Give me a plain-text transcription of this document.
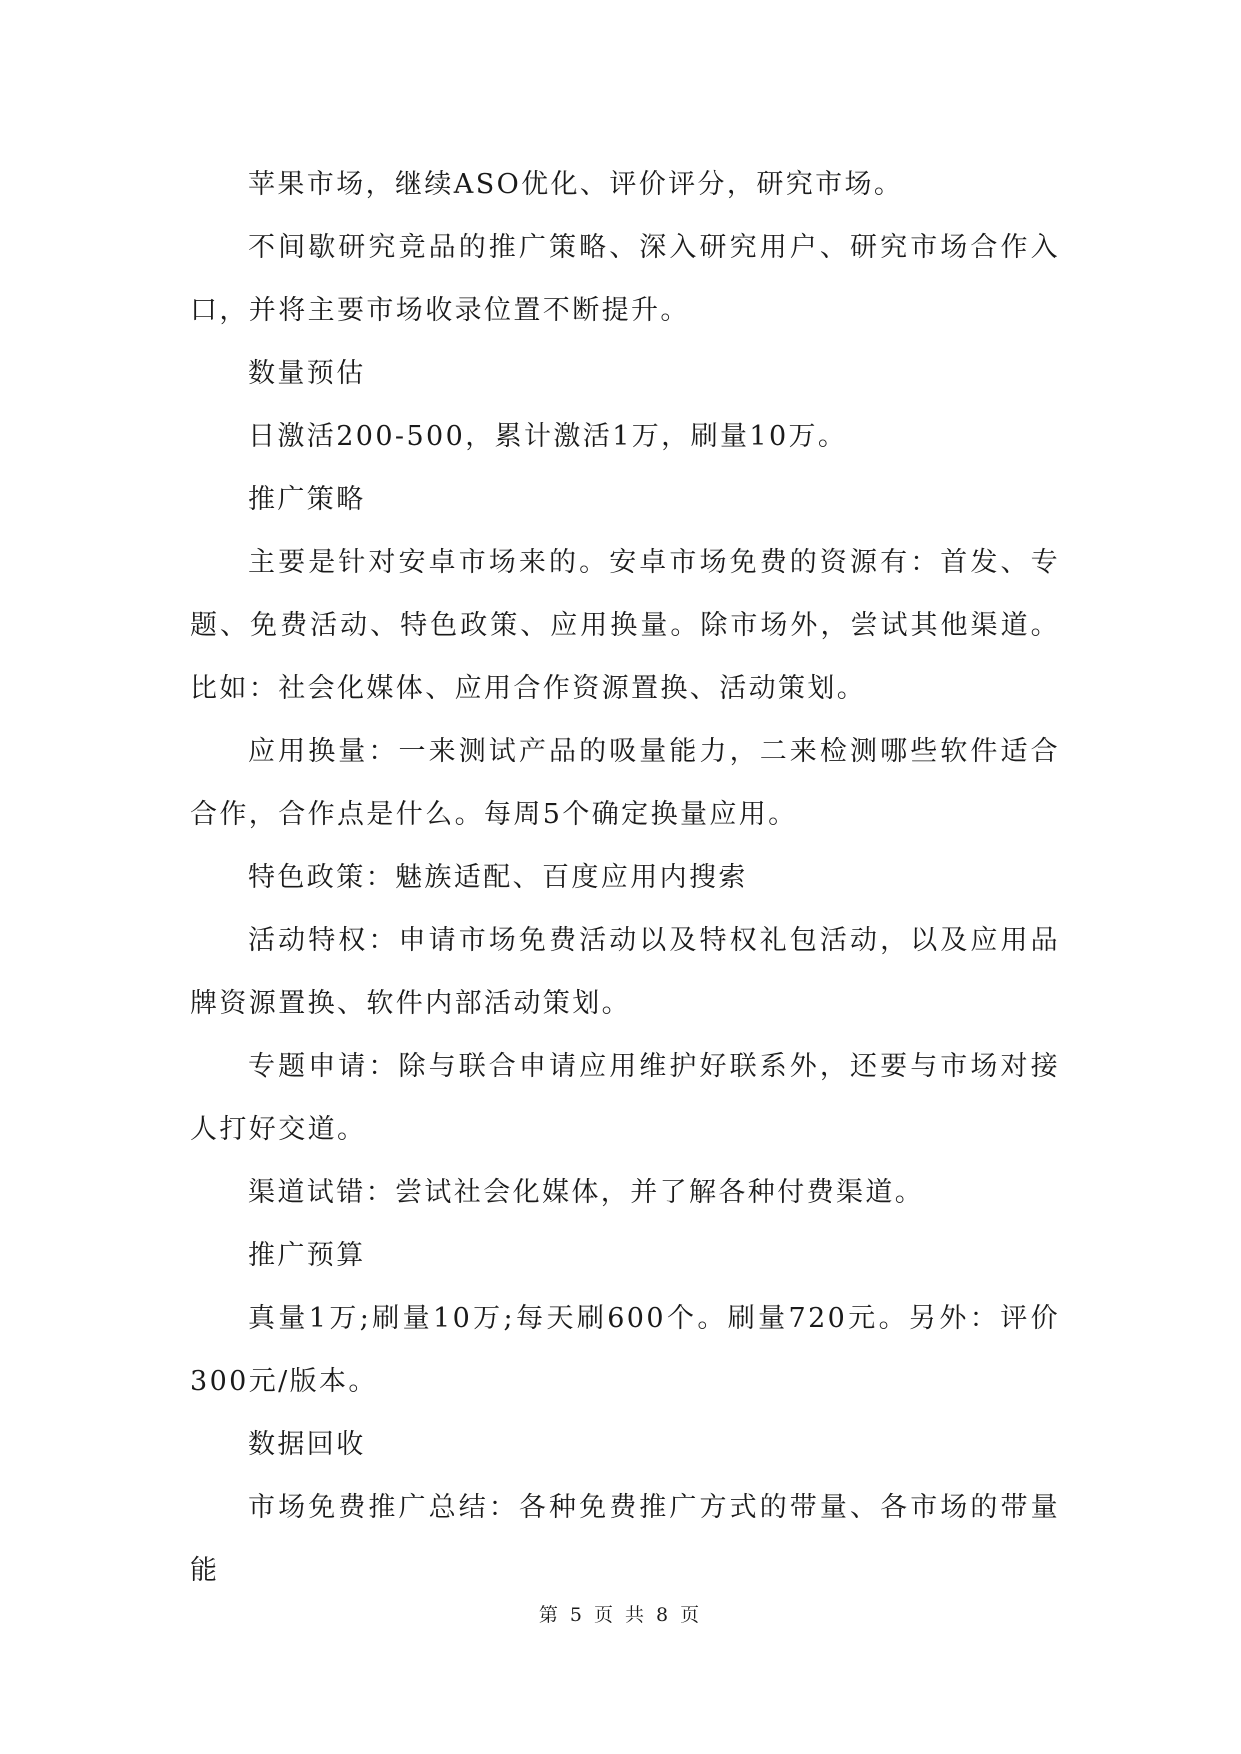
苹果市场，继续ASO优化、评价评分，研究市场。

不间歇研究竞品的推广策略、深入研究用户、研究市场合作入口，并将主要市场收录位置不断提升。

数量预估

日激活200-500，累计激活1万，刷量10万。

推广策略

主要是针对安卓市场来的。安卓市场免费的资源有：首发、专题、免费活动、特色政策、应用换量。除市场外，尝试其他渠道。比如：社会化媒体、应用合作资源置换、活动策划。

应用换量：一来测试产品的吸量能力，二来检测哪些软件适合合作，合作点是什么。每周5个确定换量应用。

特色政策：魅族适配、百度应用内搜索

活动特权：申请市场免费活动以及特权礼包活动，以及应用品牌资源置换、软件内部活动策划。

专题申请：除与联合申请应用维护好联系外，还要与市场对接人打好交道。

渠道试错：尝试社会化媒体，并了解各种付费渠道。

推广预算

真量1万;刷量10万;每天刷600个。刷量720元。另外：评价300元/版本。

数据回收

市场免费推广总结：各种免费推广方式的带量、各市场的带量能

第 5 页 共 8 页
